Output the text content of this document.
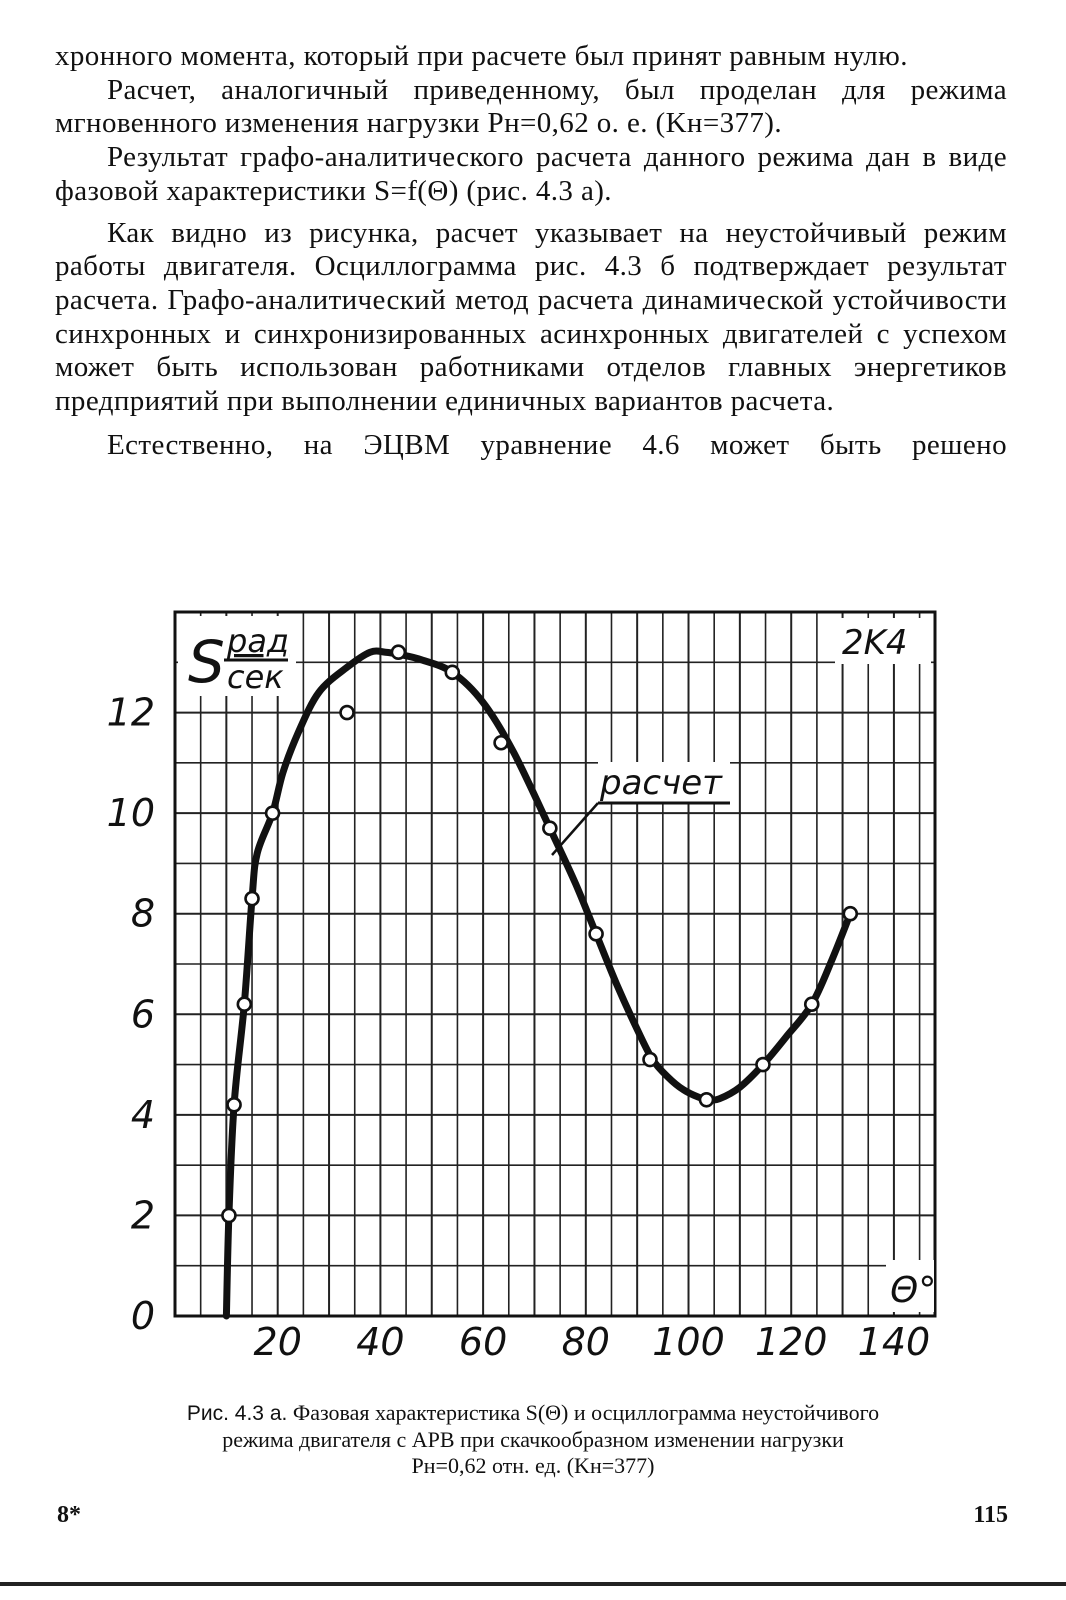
хронного момента, который при расчете был принят равным нулю.

Расчет, аналогичный приведенному, был проделан для режима мгновенного изменения нагрузки Pн=0,62 о. е. (Kн=377).

Результат графо-аналитического расчета данного режима дан в виде фазовой характеристики S=f(Θ) (рис. 4.3 а).

Как видно из рисунка, расчет указывает на неустойчивый режим работы двигателя. Осциллограмма рис. 4.3 б подтверждает результат расчета. Графо-аналитический метод расчета динамической устойчивости синхронных и синхронизированных асинхронных двигателей с успехом может быть использован работниками отделов главных энергетиков предприятий при выполнении единичных вариантов расчета.

Естественно, на ЭЦВМ уравнение 4.6 может быть решено

20 40 60 80 100 120 140
0
2
4
6
8
10
12
S рад
сек
2K4
расчет
Θ°
Рис. 4.3 а. Фазовая характеристика S(Θ) и осциллограмма неустойчивого
режима двигателя с АРВ при скачкообразном изменении нагрузки
Pн=0,62 отн. ед. (Kн=377)
8*	115
